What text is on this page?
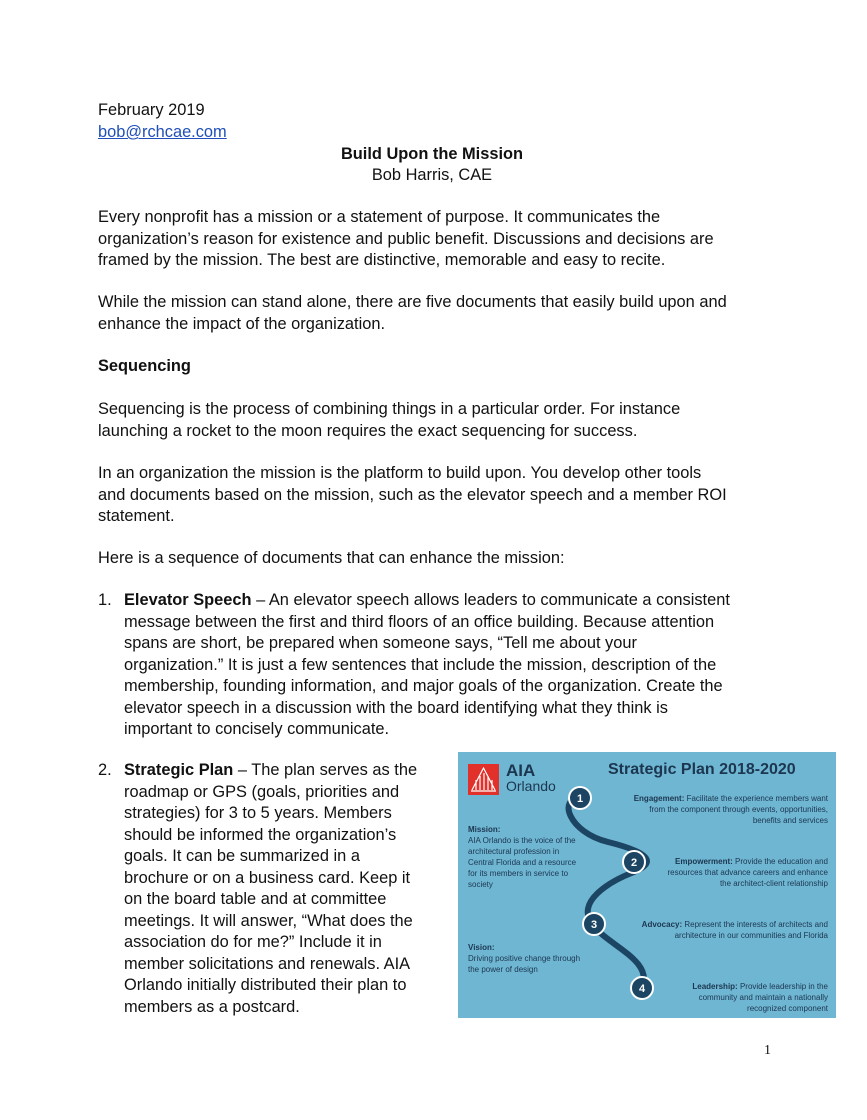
February 2019
bob@rchcae.com
Build Upon the Mission
Bob Harris, CAE

Every nonprofit has a mission or a statement of purpose. It communicates the

organization’s reason for existence and public benefit. Discussions and decisions are

framed by the mission. The best are distinctive, memorable and easy to recite.

While the mission can stand alone, there are five documents that easily build upon and

enhance the impact of the organization.

Sequencing

Sequencing is the process of combining things in a particular order. For instance

launching a rocket to the moon requires the exact sequencing for success.

In an organization the mission is the platform to build upon. You develop other tools

and documents based on the mission, such as the elevator speech and a member ROI

statement.

Here is a sequence of documents that can enhance the mission:
1. Elevator Speech – An elevator speech allows leaders to communicate a consistent

message between the first and third floors of an office building. Because attention

spans are short, be prepared when someone says, “Tell me about your

organization.” It is just a few sentences that include the mission, description of the

membership, founding information, and major goals of the organization. Create the

elevator speech in a discussion with the board identifying what they think is

important to concisely communicate.

2. Strategic Plan – The plan serves as the

roadmap or GPS (goals, priorities and

strategies) for 3 to 5 years. Members

should be informed the organization’s

goals. It can be summarized in a

brochure or on a business card. Keep it

on the board table and at committee

meetings. It will answer, “What does the

association do for me?” Include it in

member solicitations and renewals. AIA

Orlando initially distributed their plan to

members as a postcard.

1
2
3
4
AIA
Orlando
Strategic Plan 2018-2020

Mission:

AIA Orlando is the voice of the

architectural profession in

Central Florida and a resource

for its members in service to

society

Vision:

Driving positive change through

the power of design

Engagement: Facilitate the experience members want

from the component through events, opportunities,

benefits and services

Empowerment: Provide the education and

resources that advance careers and enhance

the architect-client relationship

Advocacy: Represent the interests of architects and

architecture in our communities and Florida

Leadership: Provide leadership in the

community and maintain a nationally

recognized component

1
